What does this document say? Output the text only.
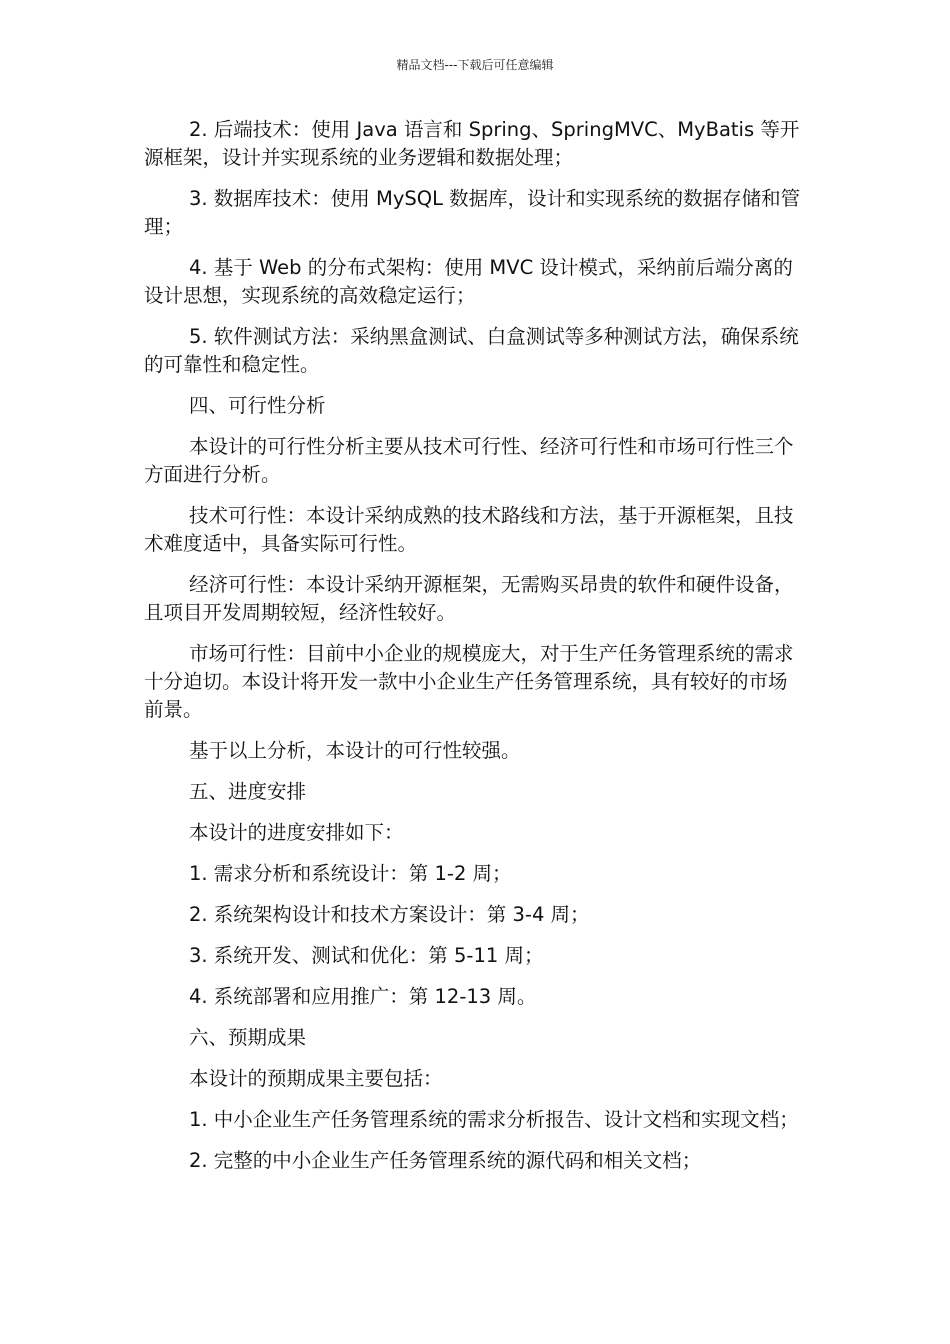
精品文档---下载后可任意编辑

2. 后端技术：使用 Java 语言和 Spring、SpringMVC、MyBatis 等开源框架，设计并实现系统的业务逻辑和数据处理；

3. 数据库技术：使用 MySQL 数据库，设计和实现系统的数据存储和管理；

4. 基于 Web 的分布式架构：使用 MVC 设计模式，采纳前后端分离的设计思想，实现系统的高效稳定运行；

5. 软件测试方法：采纳黑盒测试、白盒测试等多种测试方法，确保系统的可靠性和稳定性。

四、可行性分析

本设计的可行性分析主要从技术可行性、经济可行性和市场可行性三个方面进行分析。

技术可行性：本设计采纳成熟的技术路线和方法，基于开源框架，且技术难度适中，具备实际可行性。

经济可行性：本设计采纳开源框架，无需购买昂贵的软件和硬件设备，且项目开发周期较短，经济性较好。

市场可行性：目前中小企业的规模庞大，对于生产任务管理系统的需求十分迫切。本设计将开发一款中小企业生产任务管理系统，具有较好的市场前景。

基于以上分析，本设计的可行性较强。

五、进度安排

本设计的进度安排如下：

1. 需求分析和系统设计：第 1-2 周；

2. 系统架构设计和技术方案设计：第 3-4 周；

3. 系统开发、测试和优化：第 5-11 周；

4. 系统部署和应用推广：第 12-13 周。

六、预期成果

本设计的预期成果主要包括：

1. 中小企业生产任务管理系统的需求分析报告、设计文档和实现文档；

2. 完整的中小企业生产任务管理系统的源代码和相关文档；
